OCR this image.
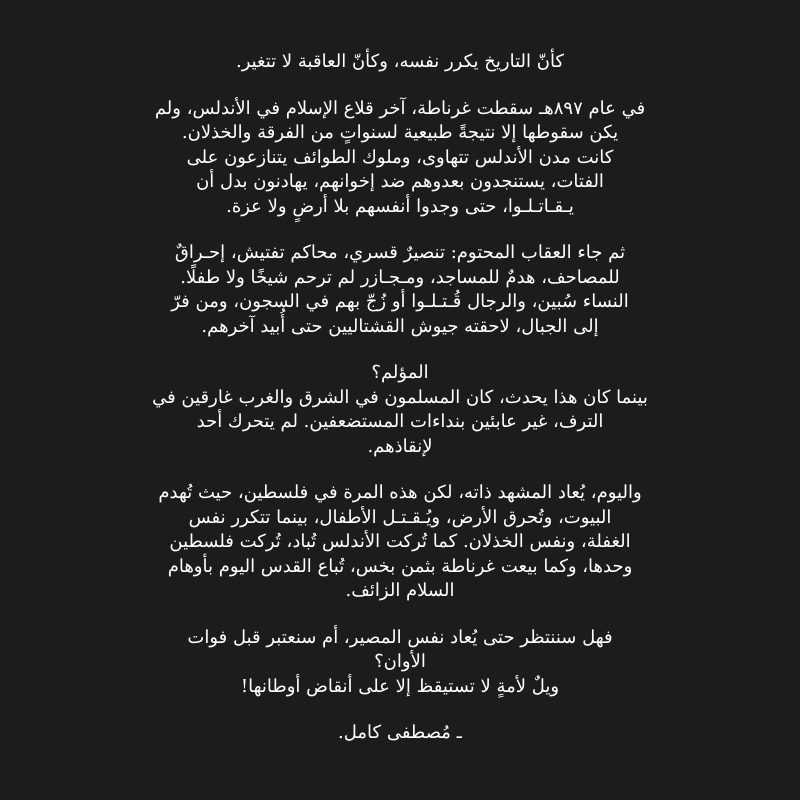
كأنّ التاريخ يكرر نفسه، وكأنّ العاقبة لا تتغير.
في عام ٨٩٧هـ سقطت غرناطة، آخر قلاع الإسلام في الأندلس، ولم
يكن سقوطها إلا نتيجةً طبيعية لسنواتٍ من الفرقة والخذلان.
كانت مدن الأندلس تتهاوى، وملوك الطوائف يتنازعون على
الفتات، يستنجدون بعدوهم ضد إخوانهم، يهادنون بدل أن
يـقـاتـلـوا، حتى وجدوا أنفسهم بلا أرضٍ ولا عزة.
ثم جاء العقاب المحتوم: تنصيرٌ قسري، محاكم تفتيش، إحـراقٌ
للمصاحف، هدمٌ للمساجد، ومـجـازر لم ترحم شيخًا ولا طفلًا.
النساء سُبين، والرجال قُـتـلـوا أو زُجّ بهم في السجون، ومن فرّ
إلى الجبال، لاحقته جيوش القشتاليين حتى أُبيد آخرهم.
المؤلم؟
بينما كان هذا يحدث، كان المسلمون في الشرق والغرب غارقين في
الترف، غير عابئين بنداءات المستضعفين. لم يتحرك أحد
لإنقاذهم.
واليوم، يُعاد المشهد ذاته، لكن هذه المرة في فلسطين، حيث تُهدم
البيوت، وتُحرق الأرض، ويُـقـتـل الأطفال، بينما تتكرر نفس
الغفلة، ونفس الخذلان. كما تُركت الأندلس تُباد، تُركت فلسطين
وحدها، وكما بيعت غرناطة بثمن بخس، تُباع القدس اليوم بأوهام
السلام الزائف.
فهل سننتظر حتى يُعاد نفس المصير، أم سنعتبر قبل فوات
الأوان؟
ويلٌ لأمةٍ لا تستيقظ إلا على أنقاض أوطانها!
ـ مُصطفى كامل.
